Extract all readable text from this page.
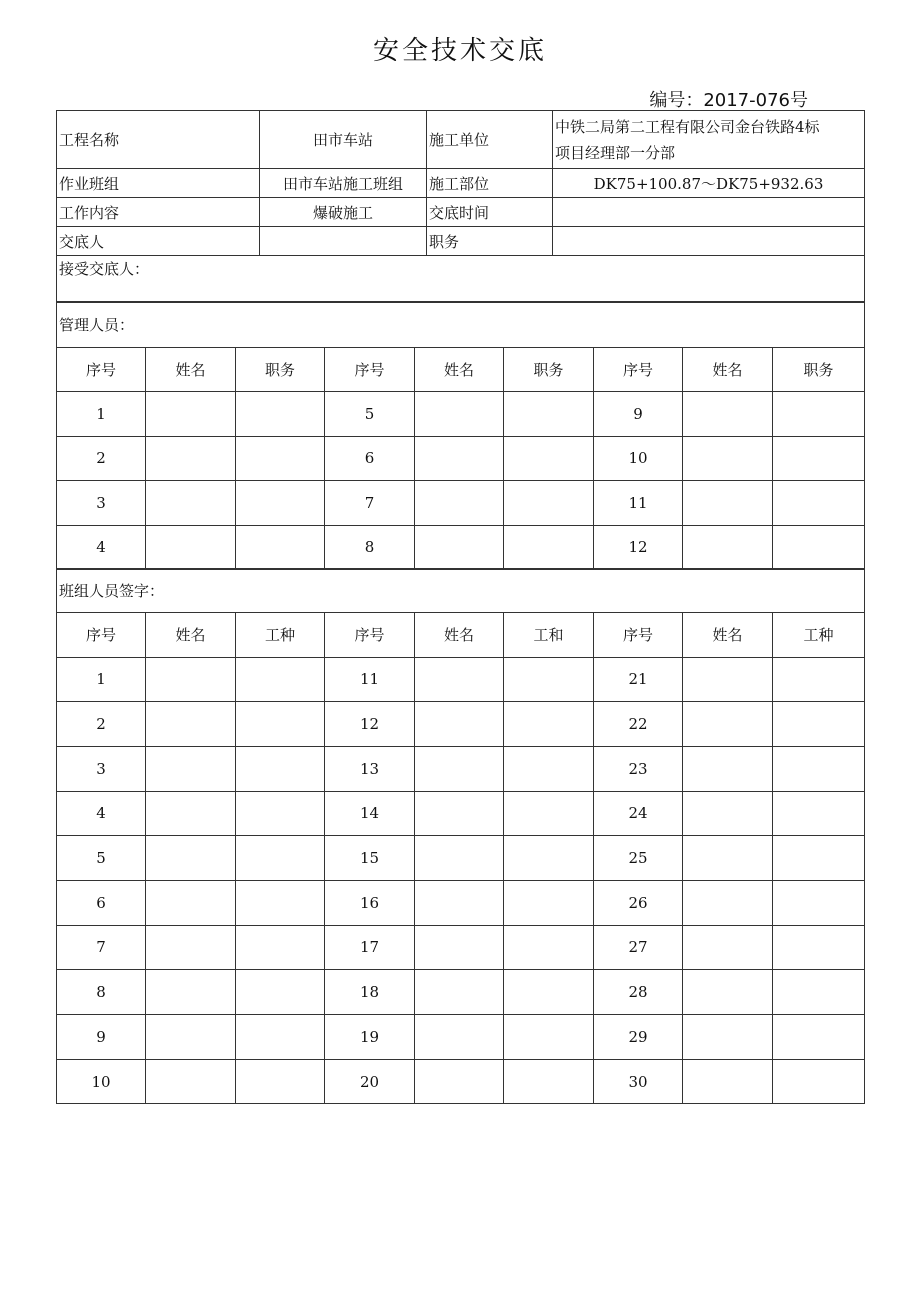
安全技术交底
编号：2017-076号
工程名称	田市车站	施工单位	中铁二局第二工程有限公司金台铁路4标
项目经理部一分部

作业班组	田市车站施工班组	施工部位	DK75+100.87～DK75+932.63
工作内容	爆破施工	交底时间	
交底人		职务	
接受交底人：			
管理人员：								
序号	姓名	职务	序号	姓名	职务	序号	姓名	职务
1			5			9		
2			6			10		
3			7			11		
4			8			12		
班组人员签字：								
序号	姓名	工种	序号	姓名	工和	序号	姓名	工种
1			11			21		
2			12			22		
3			13			23		
4			14			24		
5			15			25		
6			16			26		
7			17			27		
8			18			28		
9			19			29		
10			20			30		
